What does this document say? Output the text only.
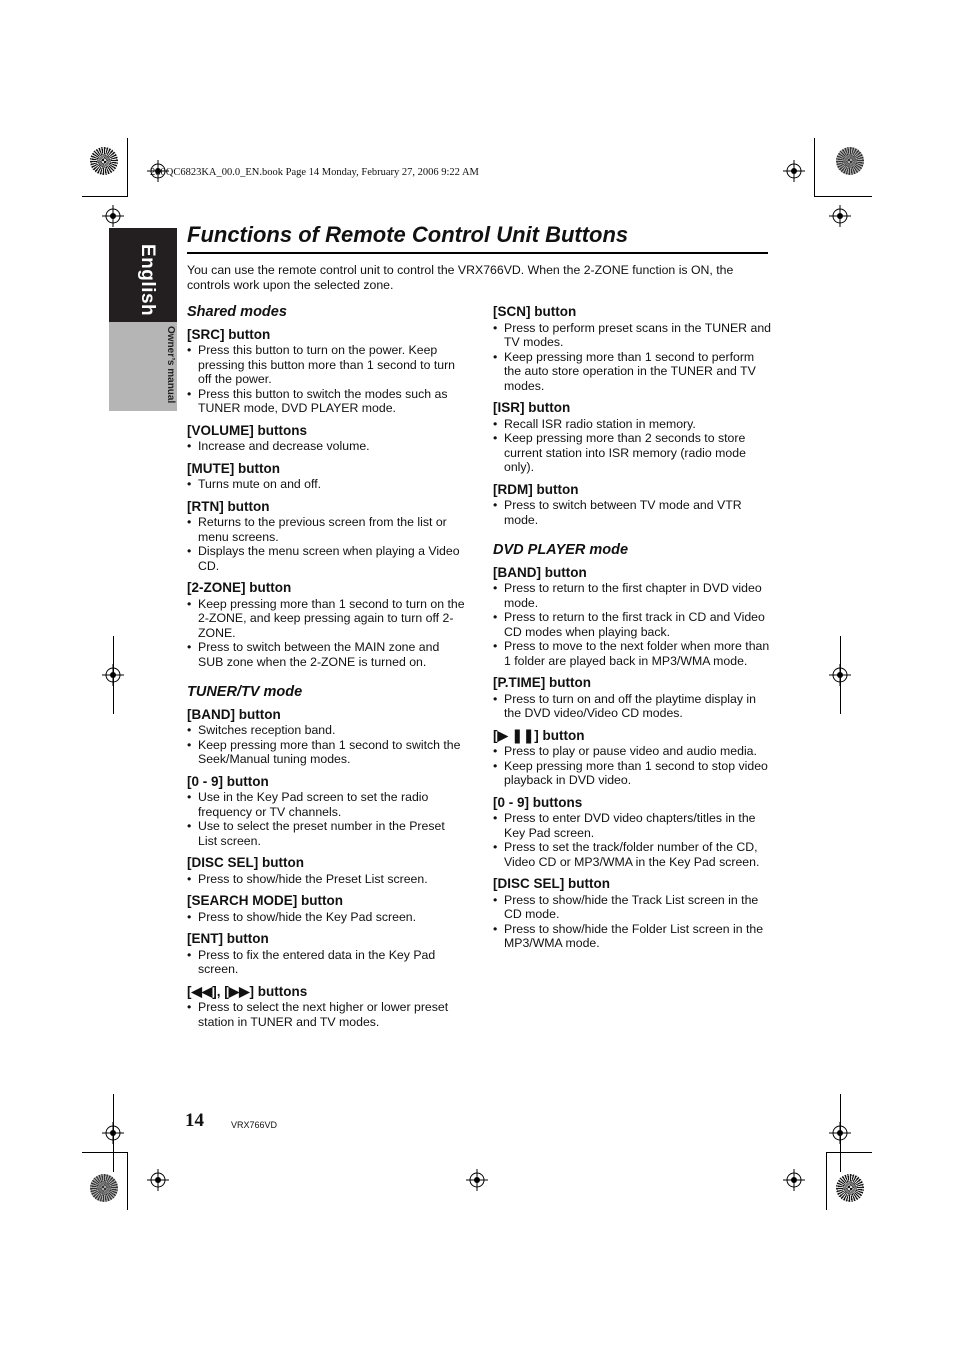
280QC6823KA_00.0_EN.book Page 14 Monday, February 27, 2006 9:22 AM
English
Owner’s manual
Functions of Remote Control Unit Buttons
You can use the remote control unit to control the VRX766VD. When the 2-ZONE function is ON, the controls work upon the selected zone.
Shared modes
[SRC] button
• Press this button to turn on the power. Keep pressing this button more than 1 second to turn off the power.
• Press this button to switch the modes such as TUNER mode, DVD PLAYER mode.
[VOLUME] buttons
• Increase and decrease volume.
[MUTE] button
• Turns mute on and off.
[RTN] button
• Returns to the previous screen from the list or menu screens.
• Displays the menu screen when playing a Video CD.
[2-ZONE] button
• Keep pressing more than 1 second to turn on the 2-ZONE, and keep pressing again to turn off 2-ZONE.
• Press to switch between the MAIN zone and SUB zone when the 2-ZONE is turned on.
TUNER/TV mode
[BAND] button
• Switches reception band.
• Keep pressing more than 1 second to switch the Seek/Manual tuning modes.
[0 - 9] button
• Use in the Key Pad screen to set the radio frequency or TV channels.
• Use to select the preset number in the Preset List screen.
[DISC SEL] button
• Press to show/hide the Preset List screen.
[SEARCH MODE] button
• Press to show/hide the Key Pad screen.
[ENT] button
• Press to fix the entered data in the Key Pad screen.
[◀◀], [▶▶] buttons
• Press to select the next higher or lower preset station in TUNER and TV modes.
[SCN] button
• Press to perform preset scans in the TUNER and TV modes.
• Keep pressing more than 1 second to perform the auto store operation in the TUNER and TV modes.
[ISR] button
• Recall ISR radio station in memory.
• Keep pressing more than 2 seconds to store current station into ISR memory (radio mode only).
[RDM] button
• Press to switch between TV mode and VTR mode.
DVD PLAYER mode
[BAND] button
• Press to return to the first chapter in DVD video mode.
• Press to return to the first track in CD and Video CD modes when playing back.
• Press to move to the next folder when more than 1 folder are played back in MP3/WMA mode.
[P.TIME] button
• Press to turn on and off the playtime display in the DVD video/Video CD modes.
[▶ ❚❚] button
• Press to play or pause video and audio media.
• Keep pressing more than 1 second to stop video playback in DVD video.
[0 - 9] buttons
• Press to enter DVD video chapters/titles in the Key Pad screen.
• Press to set the track/folder number of the CD, Video CD or MP3/WMA in the Key Pad screen.
[DISC SEL] button
• Press to show/hide the Track List screen in the CD mode.
• Press to show/hide the Folder List screen in the MP3/WMA mode.
14	VRX766VD
